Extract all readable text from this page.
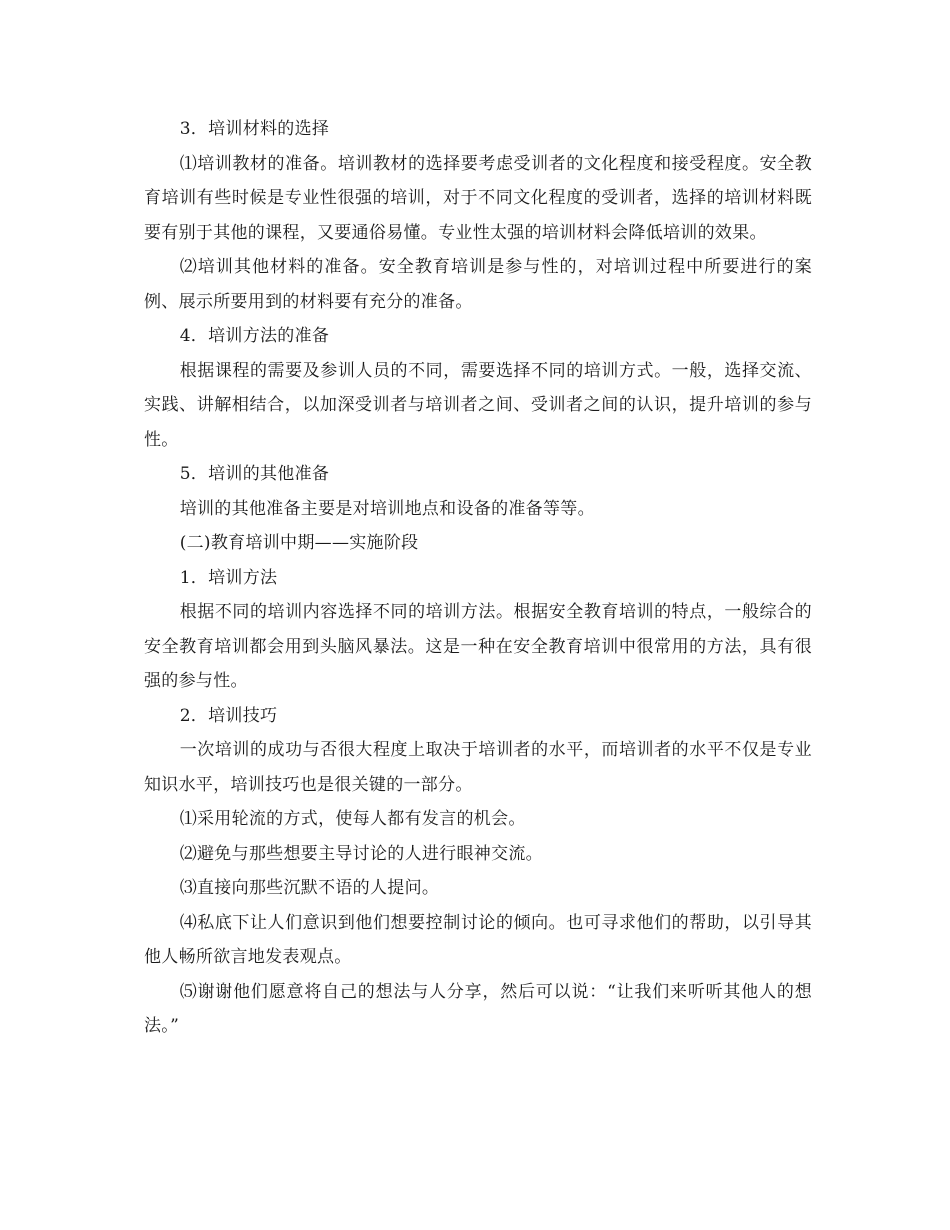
3．培训材料的选择

⑴培训教材的准备。培训教材的选择要考虑受训者的文化程度和接受程度。安全教育培训有些时候是专业性很强的培训，对于不同文化程度的受训者，选择的培训材料既要有别于其他的课程，又要通俗易懂。专业性太强的培训材料会降低培训的效果。

⑵培训其他材料的准备。安全教育培训是参与性的，对培训过程中所要进行的案例、展示所要用到的材料要有充分的准备。

4．培训方法的准备

根据课程的需要及参训人员的不同，需要选择不同的培训方式。一般，选择交流、实践、讲解相结合，以加深受训者与培训者之间、受训者之间的认识，提升培训的参与性。

5．培训的其他准备

培训的其他准备主要是对培训地点和设备的准备等等。

(二)教育培训中期——实施阶段

1．培训方法

根据不同的培训内容选择不同的培训方法。根据安全教育培训的特点，一般综合的安全教育培训都会用到头脑风暴法。这是一种在安全教育培训中很常用的方法，具有很强的参与性。

2．培训技巧

一次培训的成功与否很大程度上取决于培训者的水平，而培训者的水平不仅是专业知识水平，培训技巧也是很关键的一部分。

⑴采用轮流的方式，使每人都有发言的机会。

⑵避免与那些想要主导讨论的人进行眼神交流。

⑶直接向那些沉默不语的人提问。

⑷私底下让人们意识到他们想要控制讨论的倾向。也可寻求他们的帮助，以引导其他人畅所欲言地发表观点。

⑸谢谢他们愿意将自己的想法与人分享，然后可以说：“让我们来听听其他人的想法。”
